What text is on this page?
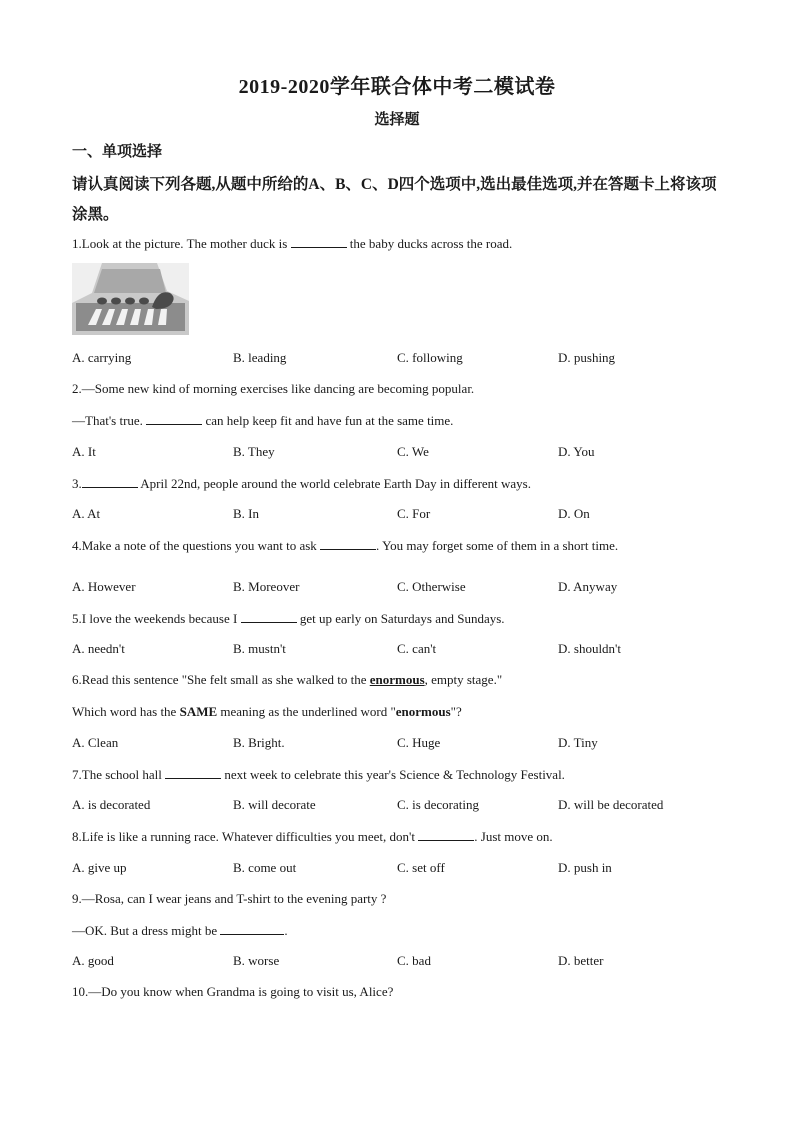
2019-2020学年联合体中考二模试卷
选择题
一、单项选择
请认真阅读下列各题,从题中所给的A、B、C、D四个选项中,选出最佳选项,并在答题卡上将该项涂黑。
1.Look at the picture. The mother duck is	the baby ducks across the road.
A. carrying	B. leading	C. following	D. pushing
2.—Some new kind of morning exercises like dancing are becoming popular.
—That's true.	can help keep fit and have fun at the same time.
A. It	B. They	C. We	D. You
3.	April 22nd, people around the world celebrate Earth Day in different ways.
A. At	B. In	C. For	D. On
4.Make a note of the questions you want to ask	. You may forget some of them in a short time.
A. However	B. Moreover	C. Otherwise	D. Anyway
5.I love the weekends because I	get up early on Saturdays and Sundays.
A. needn't	B. mustn't	C. can't	D. shouldn't
6.Read this sentence "She felt small as she walked to the enormous, empty stage."
Which word has the SAME meaning as the underlined word "enormous"?
A. Clean	B. Bright.	C. Huge	D. Tiny
7.The school hall	next week to celebrate this year's Science & Technology Festival.
A. is decorated	B. will decorate	C. is decorating	D. will be decorated
8.Life is like a running race. Whatever difficulties you meet, don't	. Just move on.
A. give up	B. come out	C. set off	D. push in
9.—Rosa, can I wear jeans and T-shirt to the evening party ?
—OK. But a dress might be	.
A. good	B. worse	C. bad	D. better
10.—Do you know when Grandma is going to visit us, Alice?
